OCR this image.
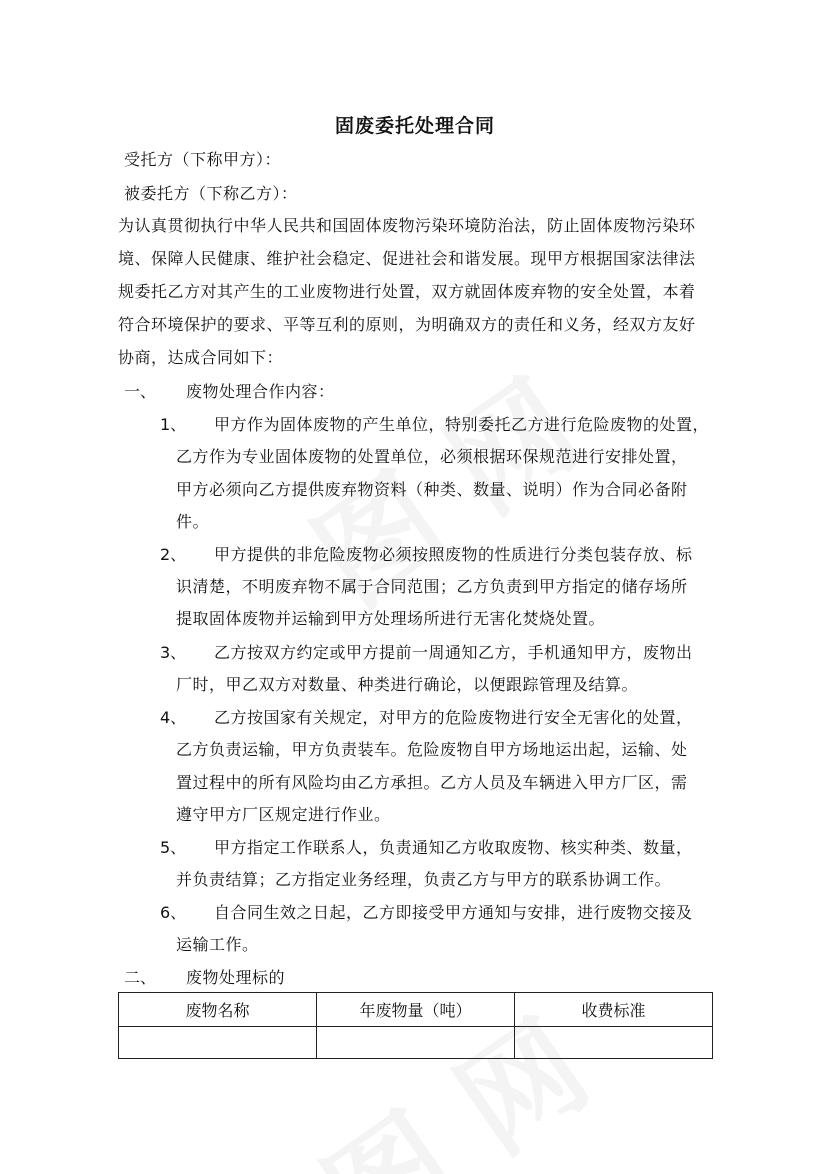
固废委托处理合同
受托方（下称甲方）：
被委托方（下称乙方）：
为认真贯彻执行中华人民共和国固体废物污染环境防治法，防止固体废物污染环
境、保障人民健康、维护社会稳定、促进社会和谐发展。现甲方根据国家法律法
规委托乙方对其产生的工业废物进行处置，双方就固体废弃物的安全处置，本着
符合环境保护的要求、平等互利的原则，为明确双方的责任和义务，经双方友好
协商，达成合同如下：
一、 废物处理合作内容：
1、 甲方作为固体废物的产生单位，特别委托乙方进行危险废物的处置，
乙方作为专业固体废物的处置单位，必须根据环保规范进行安排处置，
甲方必须向乙方提供废弃物资料（种类、数量、说明）作为合同必备附
件。
2、 甲方提供的非危险废物必须按照废物的性质进行分类包装存放、标
识清楚，不明废弃物不属于合同范围；乙方负责到甲方指定的储存场所
提取固体废物并运输到甲方处理场所进行无害化焚烧处置。
3、 乙方按双方约定或甲方提前一周通知乙方，手机通知甲方，废物出
厂时，甲乙双方对数量、种类进行确论，以便跟踪管理及结算。
4、 乙方按国家有关规定，对甲方的危险废物进行安全无害化的处置，
乙方负责运输，甲方负责装车。危险废物自甲方场地运出起，运输、处
置过程中的所有风险均由乙方承担。乙方人员及车辆进入甲方厂区，需
遵守甲方厂区规定进行作业。
5、 甲方指定工作联系人，负责通知乙方收取废物、核实种类、数量，
并负责结算；乙方指定业务经理，负责乙方与甲方的联系协调工作。
6、 自合同生效之日起，乙方即接受甲方通知与安排，进行废物交接及
运输工作。
二、 废物处理标的
废物名称	年废物量（吨）	收费标准
